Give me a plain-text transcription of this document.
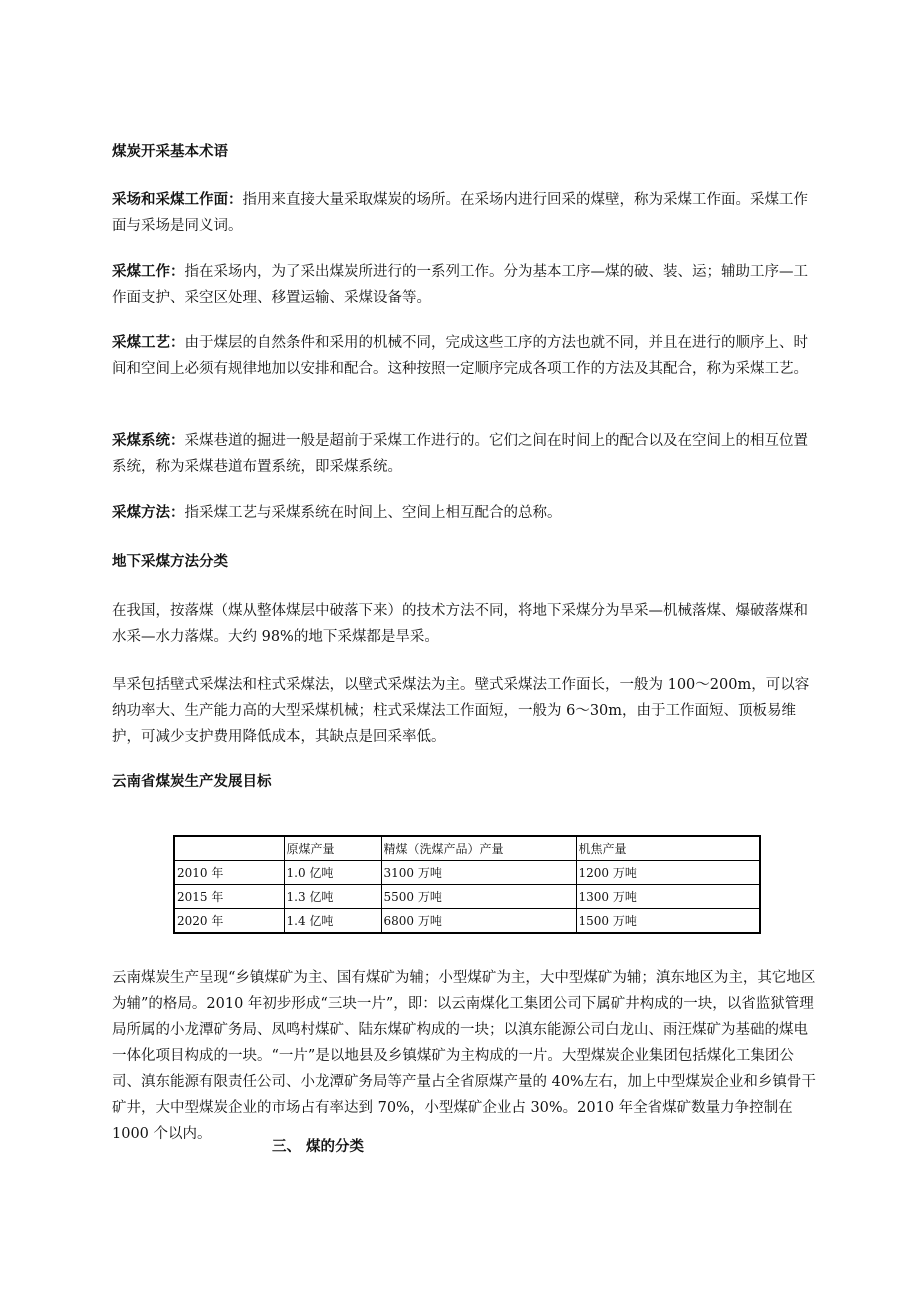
煤炭开采基本术语

采场和采煤工作面：指用来直接大量采取煤炭的场所。在采场内进行回采的煤壁，称为采煤工作面。采煤工作面与采场是同义词。

采煤工作：指在采场内，为了采出煤炭所进行的一系列工作。分为基本工序—煤的破、装、运；辅助工序—工作面支护、采空区处理、移置运输、采煤设备等。

采煤工艺：由于煤层的自然条件和采用的机械不同，完成这些工序的方法也就不同，并且在进行的顺序上、时间和空间上必须有规律地加以安排和配合。这种按照一定顺序完成各项工作的方法及其配合，称为采煤工艺。

采煤系统：采煤巷道的掘进一般是超前于采煤工作进行的。它们之间在时间上的配合以及在空间上的相互位置系统，称为采煤巷道布置系统，即采煤系统。

采煤方法：指采煤工艺与采煤系统在时间上、空间上相互配合的总称。

地下采煤方法分类

在我国，按落煤（煤从整体煤层中破落下来）的技术方法不同，将地下采煤分为旱采—机械落煤、爆破落煤和水采—水力落煤。大约 98%的地下采煤都是旱采。

旱采包括壁式采煤法和柱式采煤法，以壁式采煤法为主。壁式采煤法工作面长，一般为 100～200m，可以容纳功率大、生产能力高的大型采煤机械；柱式采煤法工作面短，一般为 6～30m，由于工作面短、顶板易维护，可减少支护费用降低成本，其缺点是回采率低。

云南省煤炭生产发展目标

	原煤产量	精煤（洗煤产品）产量	机焦产量
2010 年	1.0 亿吨	3100 万吨	1200 万吨
2015 年	1.3 亿吨	5500 万吨	1300 万吨
2020 年	1.4 亿吨	6800 万吨	1500 万吨

云南煤炭生产呈现“乡镇煤矿为主、国有煤矿为辅；小型煤矿为主，大中型煤矿为辅；滇东地区为主，其它地区为辅”的格局。2010 年初步形成“三块一片”，即：以云南煤化工集团公司下属矿井构成的一块，以省监狱管理局所属的小龙潭矿务局、凤鸣村煤矿、陆东煤矿构成的一块；以滇东能源公司白龙山、雨汪煤矿为基础的煤电一体化项目构成的一块。“一片”是以地县及乡镇煤矿为主构成的一片。大型煤炭企业集团包括煤化工集团公司、滇东能源有限责任公司、小龙潭矿务局等产量占全省原煤产量的 40%左右，加上中型煤炭企业和乡镇骨干矿井，大中型煤炭企业的市场占有率达到 70%，小型煤矿企业占 30%。2010 年全省煤矿数量力争控制在 1000 个以内。

三、 煤的分类
